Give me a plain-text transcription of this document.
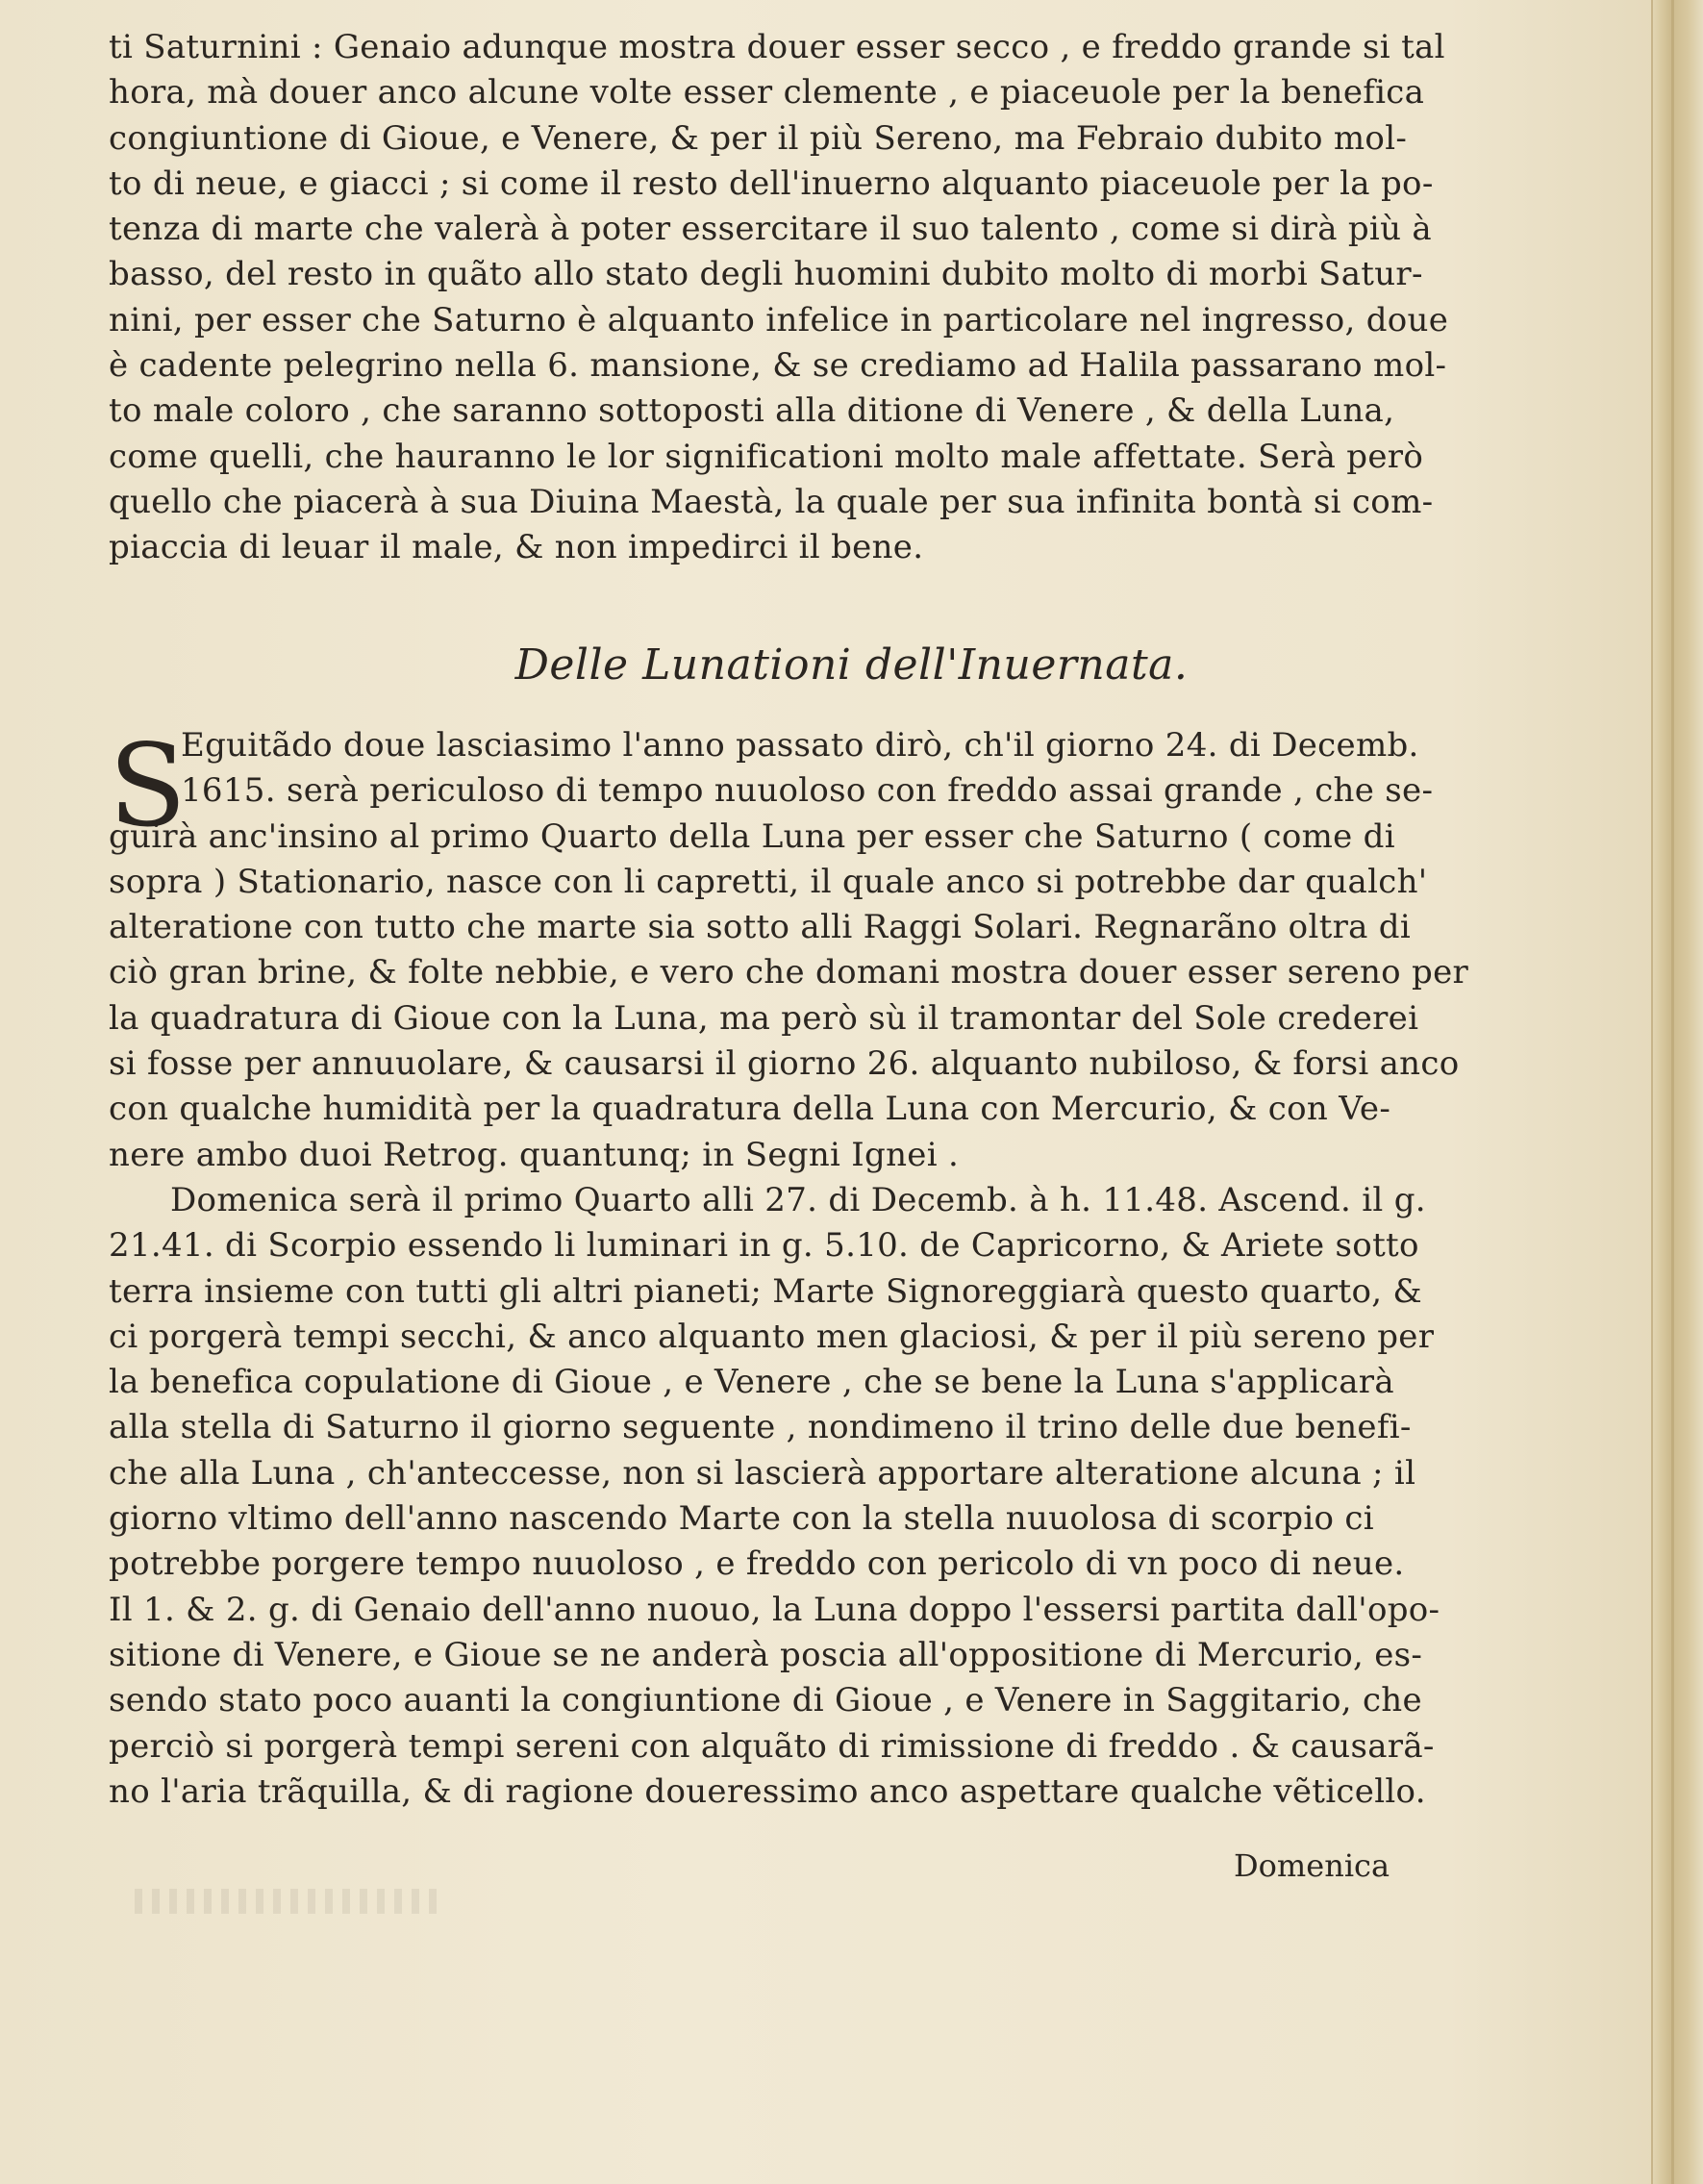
ti Saturnini : Genaio adunque mostra douer esser secco , e freddo grande si tal
hora, mà douer anco alcune volte esser clemente , e piaceuole per la benefica
congiuntione di Gioue, e Venere, & per il più Sereno, ma Febraio dubito mol-
to di neue, e giacci ; si come il resto dell'inuerno alquanto piaceuole per la po-
tenza di marte che valerà à poter essercitare il suo talento , come si dirà più à
basso, del resto in quãto allo stato degli huomini dubito molto di morbi Satur-
nini, per esser che Saturno è alquanto infelice in particolare nel ingresso, doue
è cadente pelegrino nella 6. mansione, & se crediamo ad Halila passarano mol-
to male coloro , che saranno sottoposti alla ditione di Venere , & della Luna,
come quelli, che hauranno le lor significationi molto male affettate. Serà però
quello che piacerà à sua Diuina Maestà, la quale per sua infinita bontà si com-
piaccia di leuar il male, & non impedirci il bene.
Delle Lunationi dell'Inuernata.
S
Eguitãdo doue lasciasimo l'anno passato dirò, ch'il giorno 24. di Decemb.
1615. serà periculoso di tempo nuuoloso con freddo assai grande , che se-
guirà anc'insino al primo Quarto della Luna per esser che Saturno ( come di
sopra ) Stationario, nasce con li capretti, il quale anco si potrebbe dar qualch'
alteratione con tutto che marte sia sotto alli Raggi Solari. Regnarãno oltra di
ciò gran brine, & folte nebbie, e vero che domani mostra douer esser sereno per
la quadratura di Gioue con la Luna, ma però sù il tramontar del Sole crederei
si fosse per annuuolare, & causarsi il giorno 26. alquanto nubiloso, & forsi anco
con qualche humidità per la quadratura della Luna con Mercurio, & con Ve-
nere ambo duoi Retrog. quantunq; in Segni Ignei .
Domenica serà il primo Quarto alli 27. di Decemb. à h. 11.48. Ascend. il g.
21.41. di Scorpio essendo li luminari in g. 5.10. de Capricorno, & Ariete sotto
terra insieme con tutti gli altri pianeti; Marte Signoreggiarà questo quarto, &
ci porgerà tempi secchi, & anco alquanto men glaciosi, & per il più sereno per
la benefica copulatione di Gioue , e Venere , che se bene la Luna s'applicarà
alla stella di Saturno il giorno seguente , nondimeno il trino delle due benefi-
che alla Luna , ch'anteccesse, non si lascierà apportare alteratione alcuna ; il
giorno vltimo dell'anno nascendo Marte con la stella nuuolosa di scorpio ci
potrebbe porgere tempo nuuoloso , e freddo con pericolo di vn poco di neue.
Il 1. & 2. g. di Genaio dell'anno nuouo, la Luna doppo l'essersi partita dall'opo-
sitione di Venere, e Gioue se ne anderà poscia all'oppositione di Mercurio, es-
sendo stato poco auanti la congiuntione di Gioue , e Venere in Saggitario, che
perciò si porgerà tempi sereni con alquãto di rimissione di freddo . & causarã-
no l'aria trãquilla, & di ragione doueressimo anco aspettare qualche vẽticello.
Domenica
